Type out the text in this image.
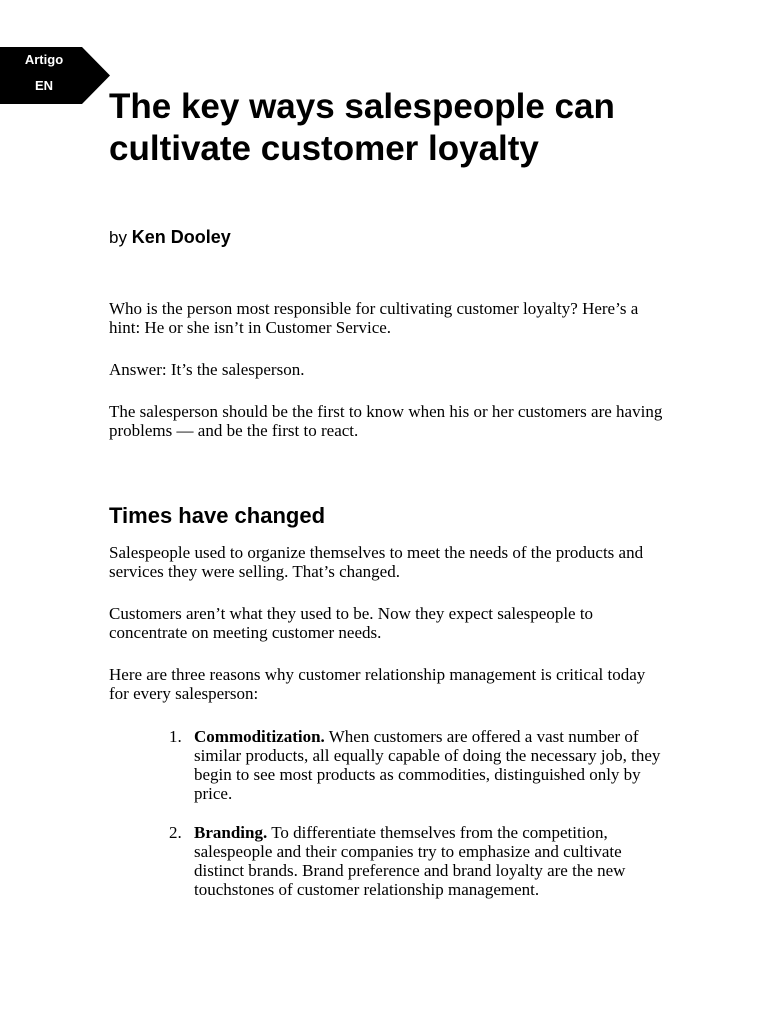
Artigo
EN
The key ways salespeople can cultivate customer loyalty
by Ken Dooley

Who is the person most responsible for cultivating customer loyalty? Here’s a hint: He or she isn’t in Customer Service.

Answer: It’s the salesperson.

The salesperson should be the first to know when his or her customers are having problems — and be the first to react.

Times have changed

Salespeople used to organize themselves to meet the needs of the products and services they were selling. That’s changed.

Customers aren’t what they used to be. Now they expect salespeople to concentrate on meeting customer needs.

Here are three reasons why customer relationship management is critical today for every salesperson:

1. Commoditization. When customers are offered a vast number of similar products, all equally capable of doing the necessary job, they begin to see most products as commodities, distinguished only by price.
2. Branding. To differentiate themselves from the competition, salespeople and their companies try to emphasize and cultivate distinct brands. Brand preference and brand loyalty are the new touchstones of customer relationship management.
